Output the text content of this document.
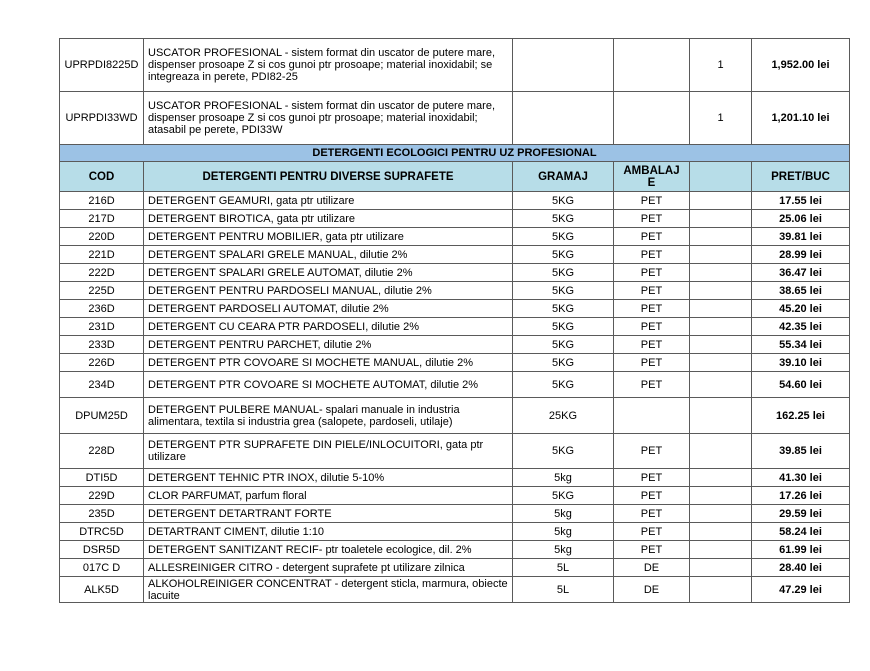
UPRPDI8225D	USCATOR PROFESIONAL - sistem format din uscator de putere mare, dispenser prosoape Z si cos gunoi ptr prosoape; material inoxidabil; se integreaza in perete, PDI82-25			1	1,952.00 lei
UPRPDI33WD	USCATOR PROFESIONAL - sistem format din uscator de putere mare, dispenser prosoape Z si cos gunoi ptr prosoape; material inoxidabil; atasabil pe perete, PDI33W			1	1,201.10 lei
DETERGENTI ECOLOGICI PENTRU UZ PROFESIONAL					
COD	DETERGENTI PENTRU DIVERSE SUPRAFETE	GRAMAJ	AMBALAJE		PRET/BUC
216D	DETERGENT GEAMURI, gata ptr utilizare	5KG	PET		17.55 lei
217D	DETERGENT BIROTICA, gata ptr utilizare	5KG	PET		25.06 lei
220D	DETERGENT PENTRU MOBILIER, gata ptr utilizare	5KG	PET		39.81 lei
221D	DETERGENT SPALARI GRELE MANUAL, dilutie 2%	5KG	PET		28.99 lei
222D	DETERGENT SPALARI GRELE AUTOMAT, dilutie 2%	5KG	PET		36.47 lei
225D	DETERGENT PENTRU PARDOSELI MANUAL, dilutie 2%	5KG	PET		38.65 lei
236D	DETERGENT PARDOSELI AUTOMAT, dilutie 2%	5KG	PET		45.20 lei
231D	DETERGENT CU CEARA PTR PARDOSELI, dilutie 2%	5KG	PET		42.35 lei
233D	DETERGENT PENTRU PARCHET, dilutie 2%	5KG	PET		55.34 lei
226D	DETERGENT PTR COVOARE SI MOCHETE MANUAL, dilutie 2%	5KG	PET		39.10 lei
234D	DETERGENT PTR COVOARE SI MOCHETE AUTOMAT, dilutie 2%	5KG	PET		54.60 lei
DPUM25D	DETERGENT PULBERE MANUAL- spalari manuale in industria alimentara, textila si industria grea (salopete, pardoseli, utilaje)	25KG			162.25 lei
228D	DETERGENT PTR SUPRAFETE DIN PIELE/INLOCUITORI, gata ptr utilizare	5KG	PET		39.85 lei
DTI5D	DETERGENT TEHNIC PTR INOX, dilutie 5-10%	5kg	PET		41.30 lei
229D	CLOR PARFUMAT, parfum floral	5KG	PET		17.26 lei
235D	DETERGENT DETARTRANT FORTE	5kg	PET		29.59 lei
DTRC5D	DETARTRANT CIMENT, dilutie 1:10	5kg	PET		58.24 lei
DSR5D	DETERGENT SANITIZANT RECIF- ptr toaletele ecologice, dil. 2%	5kg	PET		61.99 lei
017C D	ALLESREINIGER CITRO - detergent suprafete pt utilizare zilnica	5L	DE		28.40 lei
ALK5D	ALKOHOLREINIGER CONCENTRAT - detergent sticla, marmura, obiecte lacuite	5L	DE		47.29 lei
